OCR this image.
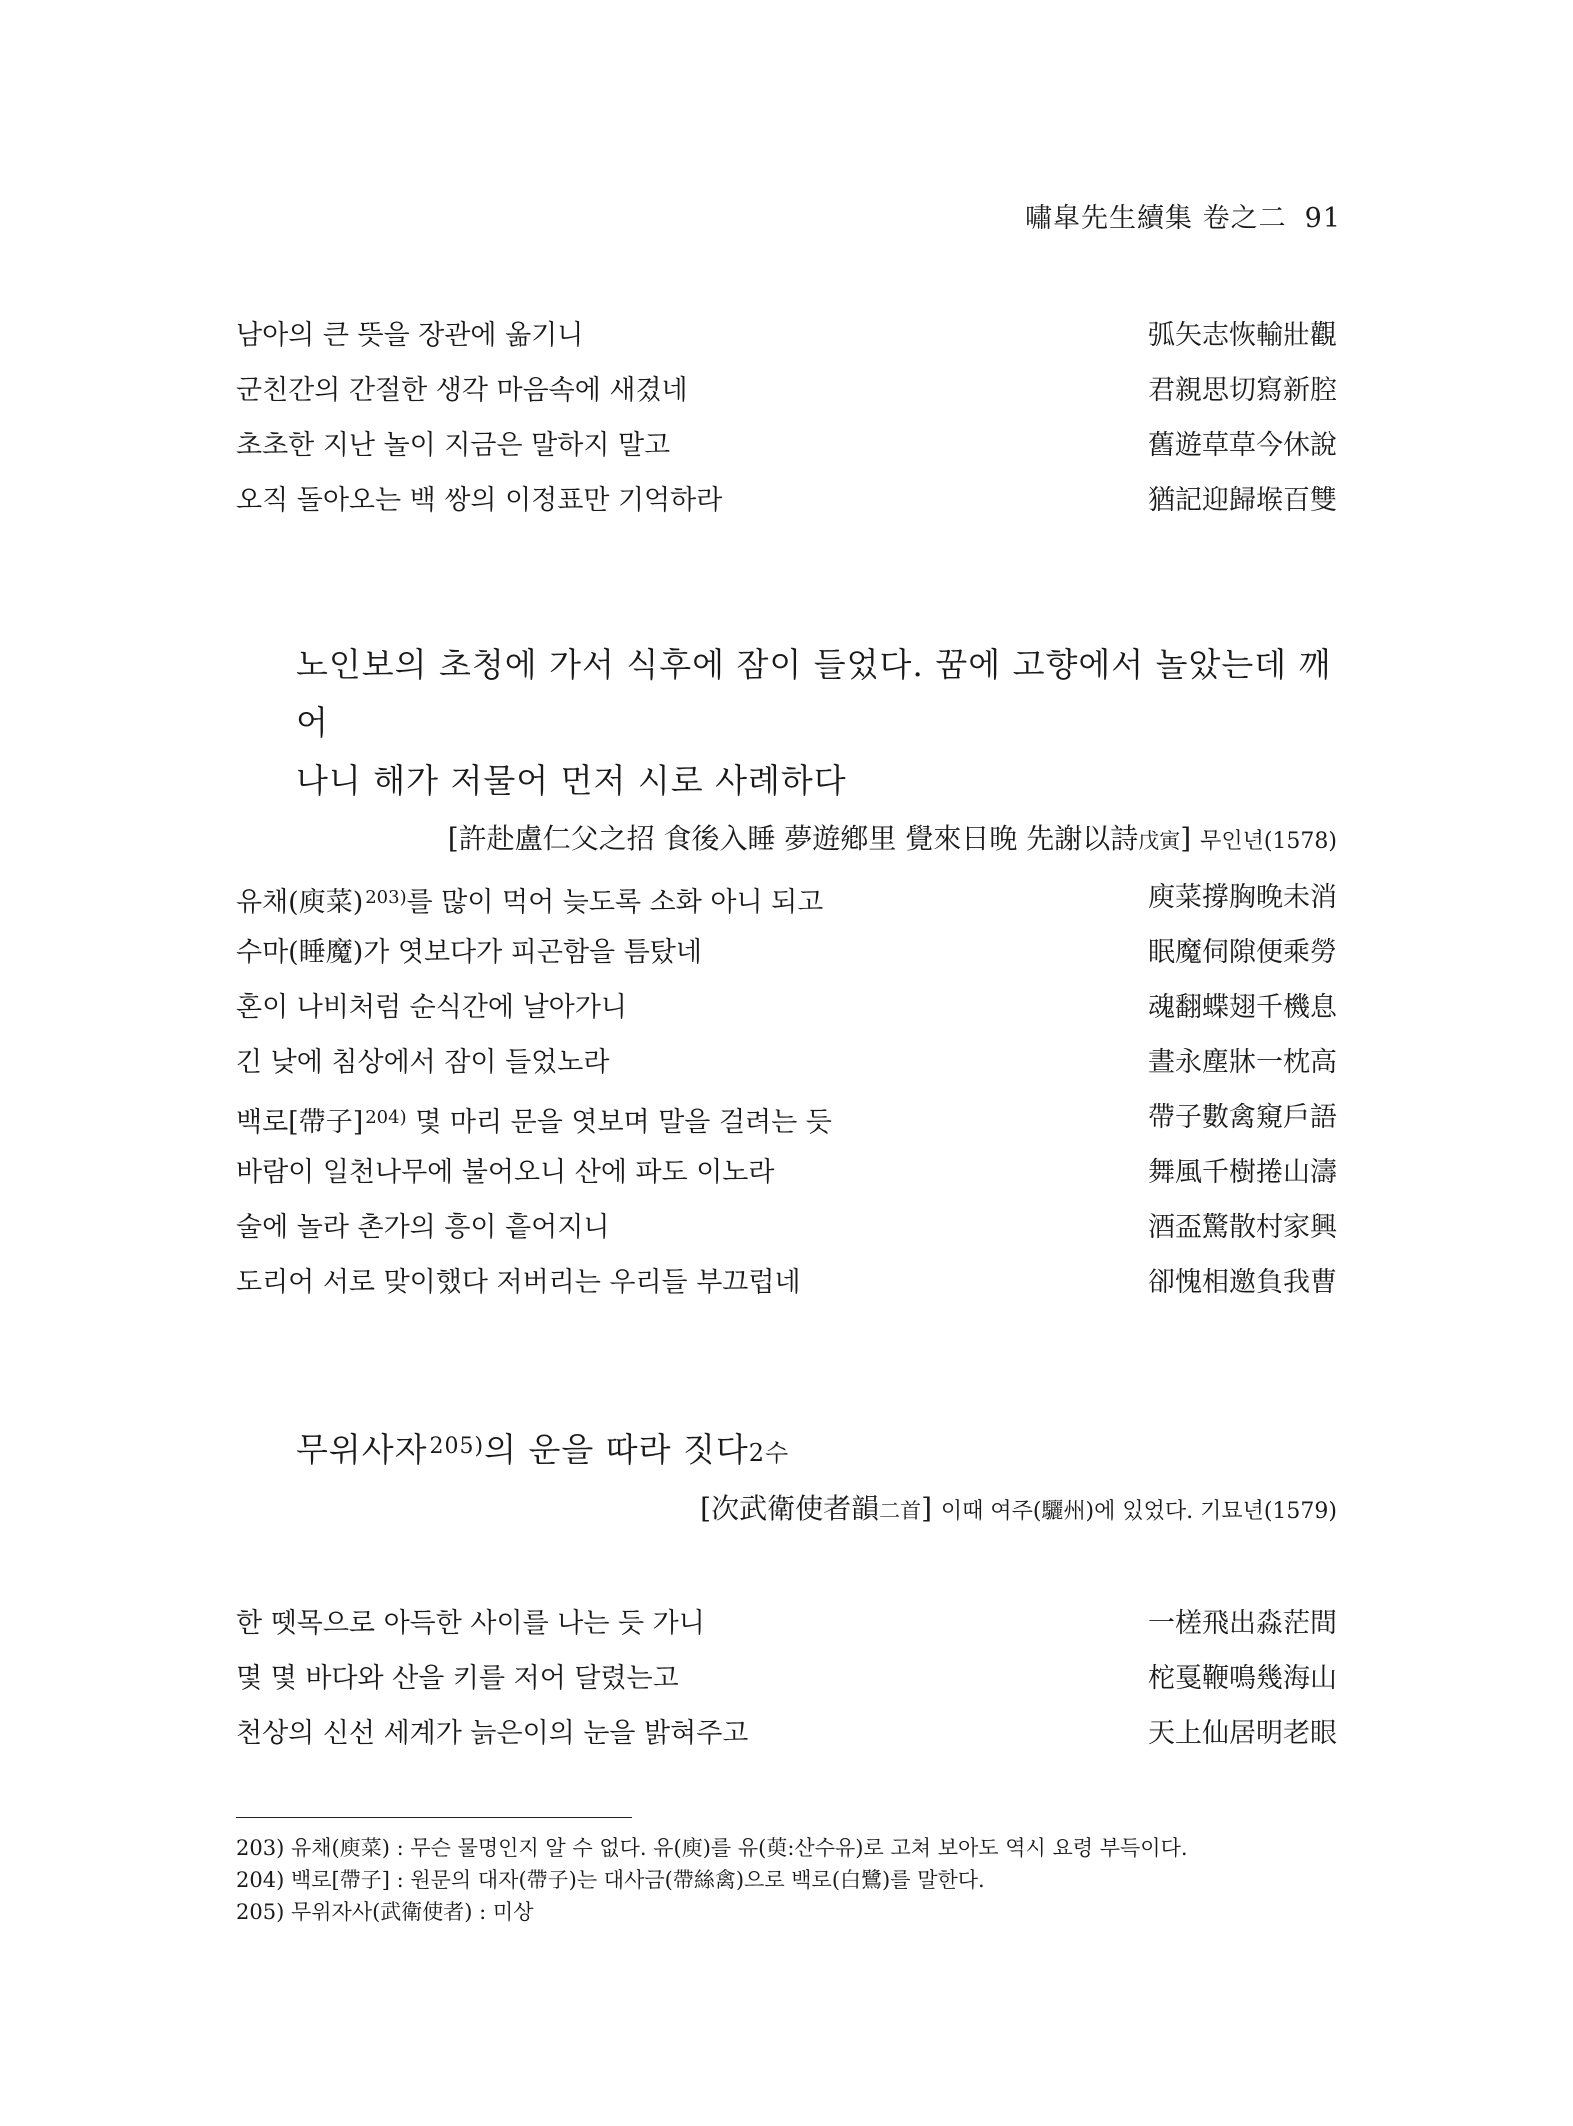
嘯皐先生續集 卷之二 91
남아의 큰 뜻을 장관에 옮기니	弧矢志恢輸壯觀
군친간의 간절한 생각 마음속에 새겼네	君親思切寫新腔
초초한 지난 놀이 지금은 말하지 말고	舊遊草草今休說
오직 돌아오는 백 쌍의 이정표만 기억하라	猶記迎歸堠百雙
노인보의 초청에 가서 식후에 잠이 들었다. 꿈에 고향에서 놀았는데 깨어
나니 해가 저물어 먼저 시로 사례하다
[許赴盧仁父之招 食後入睡 夢遊鄕里 覺來日晚 先謝以詩戊寅] 무인년(1578)
유채(庾菜) $^{203)}$를 많이 먹어 늦도록 소화 아니 되고	庾菜撐胸晚未消
수마(睡魔)가 엿보다가 피곤함을 틈탔네	眠魔伺隙便乘勞
혼이 나비처럼 순식간에 날아가니	魂翻蝶翅千機息
긴 낮에 침상에서 잠이 들었노라	晝永塵牀一枕高
백로[帶子] $^{204)}$ 몇 마리 문을 엿보며 말을 걸려는 듯	帶子數禽窺戶語
바람이 일천나무에 불어오니 산에 파도 이노라	舞風千樹捲山濤
술에 놀라 촌가의 흥이 흩어지니	酒盃驚散村家興
도리어 서로 맞이했다 저버리는 우리들 부끄럽네	卻愧相邀負我曹
무위사자$^{205)}$의 운을 따라 짓다2수
[次武衛使者韻二首] 이때 여주(驪州)에 있었다. 기묘년(1579)
한 뗏목으로 아득한 사이를 나는 듯 가니	一槎飛出淼茫間
몇 몇 바다와 산을 키를 저어 달렸는고	柁戛鞭鳴幾海山
천상의 신선 세계가 늙은이의 눈을 밝혀주고	天上仙居明老眼
203) 유채(庾菜) : 무슨 물명인지 알 수 없다. 유(庾)를 유(萸:산수유)로 고쳐 보아도 역시 요령 부득이다.
204) 백로[帶子] : 원문의 대자(帶子)는 대사금(帶絲禽)으로 백로(白鷺)를 말한다.
205) 무위자사(武衛使者) : 미상
